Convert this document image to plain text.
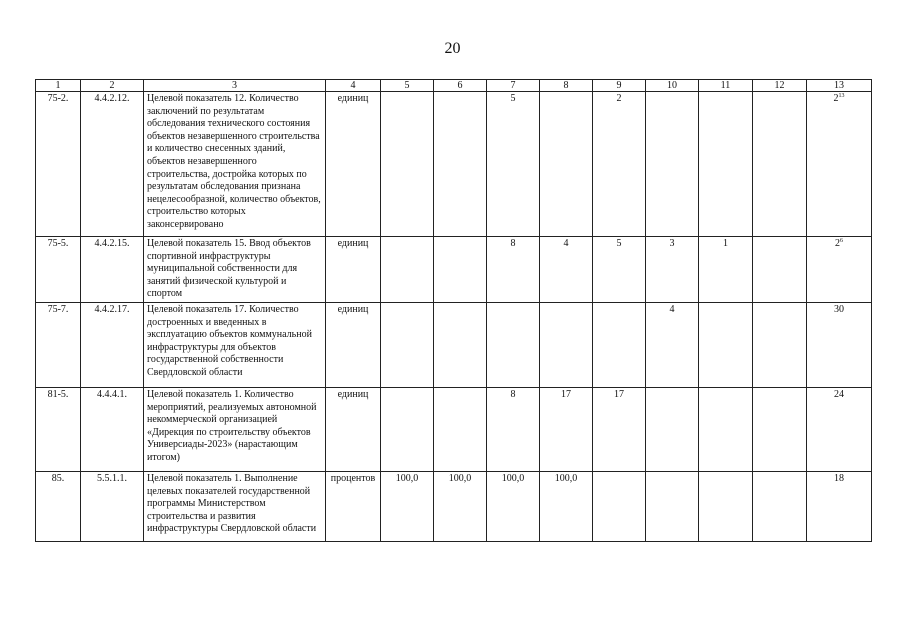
20
1	2	3	4	5	6	7	8	9	10	11	12	13
75-2.	4.4.2.12.	Целевой показатель 12. Количество заключений по результатам обследования технического состояния объектов незавершенного строительства и количество снесенных зданий, объектов незавершенного строительства, достройка которых по результатам обследования признана нецелесообразной, количество объектов, строительство которых законсервировано	единиц			5		2				$2^{13}$
75-5.	4.4.2.15.	Целевой показатель 15. Ввод объектов спортивной инфраструктуры муниципальной собственности для занятий физической культурой и спортом	единиц			8	4	5	3	1		$2^6$
75-7.	4.4.2.17.	Целевой показатель 17. Количество достроенных и введенных в эксплуатацию объектов коммунальной инфраструктуры для объектов государственной собственности Свердловской области	единиц						4			30
81-5.	4.4.4.1.	Целевой показатель 1. Количество мероприятий, реализуемых автономной некоммерческой организацией «Дирекция по строительству объектов Универсиады-2023» (нарастающим итогом)	единиц			8	17	17				24
85.	5.5.1.1.	Целевой показатель 1. Выполнение целевых показателей государственной программы Министерством строительства и развития инфраструктуры Свердловской области	процентов	100,0	100,0	100,0	100,0					18
